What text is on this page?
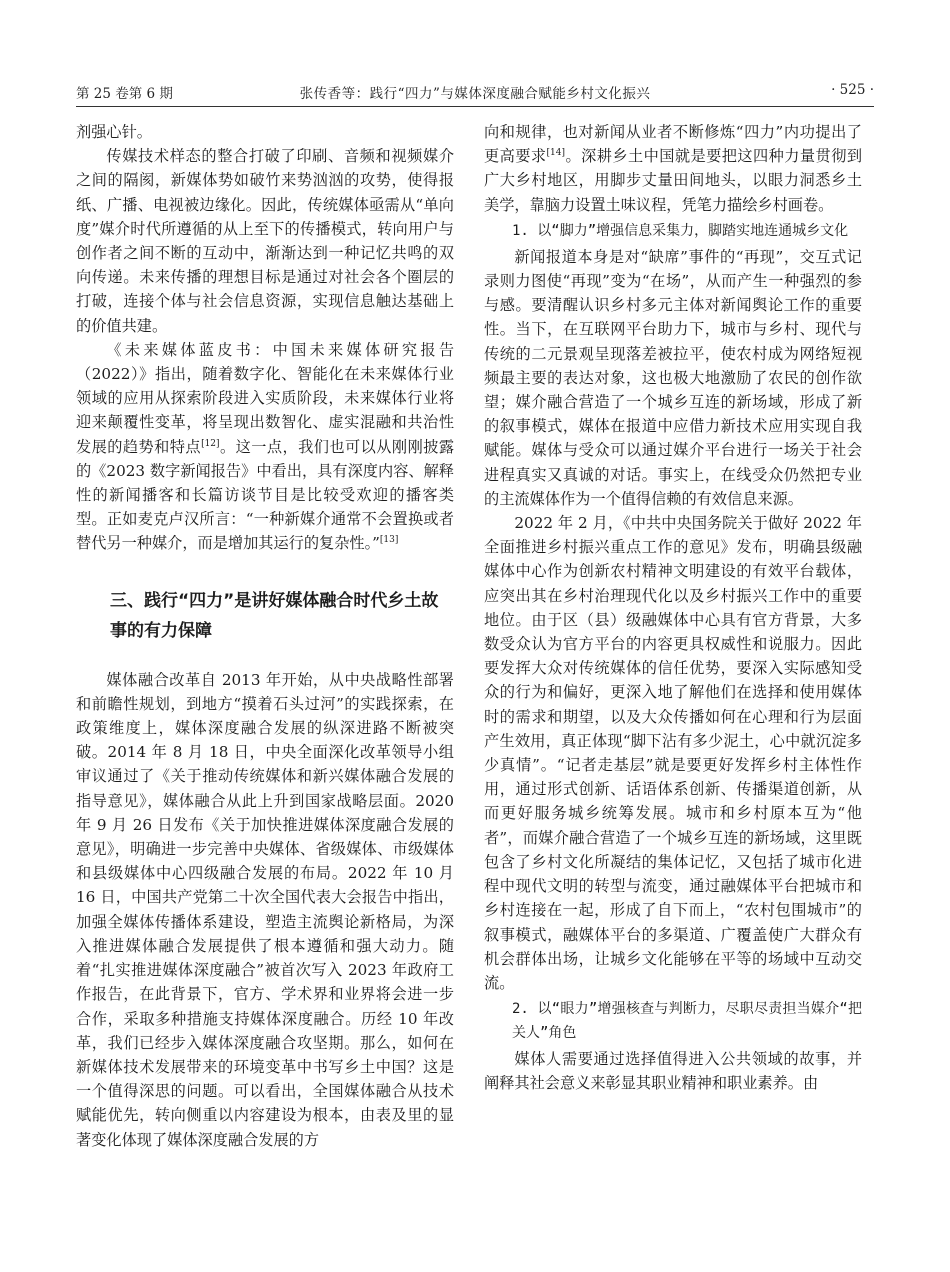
第 25 卷第 6 期	张传香等：践行“四力”与媒体深度融合赋能乡村文化振兴	· 525 ·

剂强心针。

传媒技术样态的整合打破了印刷、音频和视频媒介之间的隔阂，新媒体势如破竹来势汹汹的攻势，使得报纸、广播、电视被边缘化。因此，传统媒体亟需从“单向度”媒介时代所遵循的从上至下的传播模式，转向用户与创作者之间不断的互动中，渐渐达到一种记忆共鸣的双向传递。未来传播的理想目标是通过对社会各个圈层的打破，连接个体与社会信息资源，实现信息触达基础上的价值共建。

《未来媒体蓝皮书：中国未来媒体研究报告（2022）》指出，随着数字化、智能化在未来媒体行业领域的应用从探索阶段进入实质阶段，未来媒体行业将迎来颠覆性变革，将呈现出数智化、虚实混融和共治性发展的趋势和特点[12]。这一点，我们也可以从刚刚披露的《2023 数字新闻报告》中看出，具有深度内容、解释性的新闻播客和长篇访谈节目是比较受欢迎的播客类型。正如麦克卢汉所言：“一种新媒介通常不会置换或者替代另一种媒介，而是增加其运行的复杂性。”[13]

三、践行“四力”是讲好媒体融合时代乡土故事的有力保障

媒体融合改革自 2013 年开始，从中央战略性部署和前瞻性规划，到地方“摸着石头过河”的实践探索，在政策维度上，媒体深度融合发展的纵深进路不断被突破。2014 年 8 月 18 日，中央全面深化改革领导小组审议通过了《关于推动传统媒体和新兴媒体融合发展的指导意见》，媒体融合从此上升到国家战略层面。2020 年 9 月 26 日发布《关于加快推进媒体深度融合发展的意见》，明确进一步完善中央媒体、省级媒体、市级媒体和县级媒体中心四级融合发展的布局。2022 年 10 月 16 日，中国共产党第二十次全国代表大会报告中指出，加强全媒体传播体系建设，塑造主流舆论新格局，为深入推进媒体融合发展提供了根本遵循和强大动力。随着“扎实推进媒体深度融合”被首次写入 2023 年政府工作报告，在此背景下，官方、学术界和业界将会进一步合作，采取多种措施支持媒体深度融合。历经 10 年改革，我们已经步入媒体深度融合攻坚期。那么，如何在新媒体技术发展带来的环境变革中书写乡土中国？这是一个值得深思的问题。可以看出，全国媒体融合从技术赋能优先，转向侧重以内容建设为根本，由表及里的显著变化体现了媒体深度融合发展的方

向和规律，也对新闻从业者不断修炼“四力”内功提出了更高要求[14]。深耕乡土中国就是要把这四种力量贯彻到广大乡村地区，用脚步丈量田间地头，以眼力洞悉乡土美学，靠脑力设置土味议程，凭笔力描绘乡村画卷。

1. 以“脚力”增强信息采集力，脚踏实地连通城乡文化

新闻报道本身是对“缺席”事件的“再现”，交互式记录则力图使“再现”变为“在场”，从而产生一种强烈的参与感。要清醒认识乡村多元主体对新闻舆论工作的重要性。当下，在互联网平台助力下，城市与乡村、现代与传统的二元景观呈现落差被拉平，使农村成为网络短视频最主要的表达对象，这也极大地激励了农民的创作欲望；媒介融合营造了一个城乡互连的新场域，形成了新的叙事模式，媒体在报道中应借力新技术应用实现自我赋能。媒体与受众可以通过媒介平台进行一场关于社会进程真实又真诚的对话。事实上，在线受众仍然把专业的主流媒体作为一个值得信赖的有效信息来源。

2022 年 2 月，《中共中央国务院关于做好 2022 年全面推进乡村振兴重点工作的意见》发布，明确县级融媒体中心作为创新农村精神文明建设的有效平台载体，应突出其在乡村治理现代化以及乡村振兴工作中的重要地位。由于区（县）级融媒体中心具有官方背景，大多数受众认为官方平台的内容更具权威性和说服力。因此要发挥大众对传统媒体的信任优势，要深入实际感知受众的行为和偏好，更深入地了解他们在选择和使用媒体时的需求和期望，以及大众传播如何在心理和行为层面产生效用，真正体现“脚下沾有多少泥土，心中就沉淀多少真情”。“记者走基层”就是要更好发挥乡村主体性作用，通过形式创新、话语体系创新、传播渠道创新，从而更好服务城乡统筹发展。城市和乡村原本互为“他者”，而媒介融合营造了一个城乡互连的新场域，这里既包含了乡村文化所凝结的集体记忆，又包括了城市化进程中现代文明的转型与流变，通过融媒体平台把城市和乡村连接在一起，形成了自下而上，“农村包围城市”的叙事模式，融媒体平台的多渠道、广覆盖使广大群众有机会群体出场，让城乡文化能够在平等的场域中互动交流。

2. 以“眼力”增强核查与判断力，尽职尽责担当媒介“把关人”角色

媒体人需要通过选择值得进入公共领域的故事，并阐释其社会意义来彰显其职业精神和职业素养。由
